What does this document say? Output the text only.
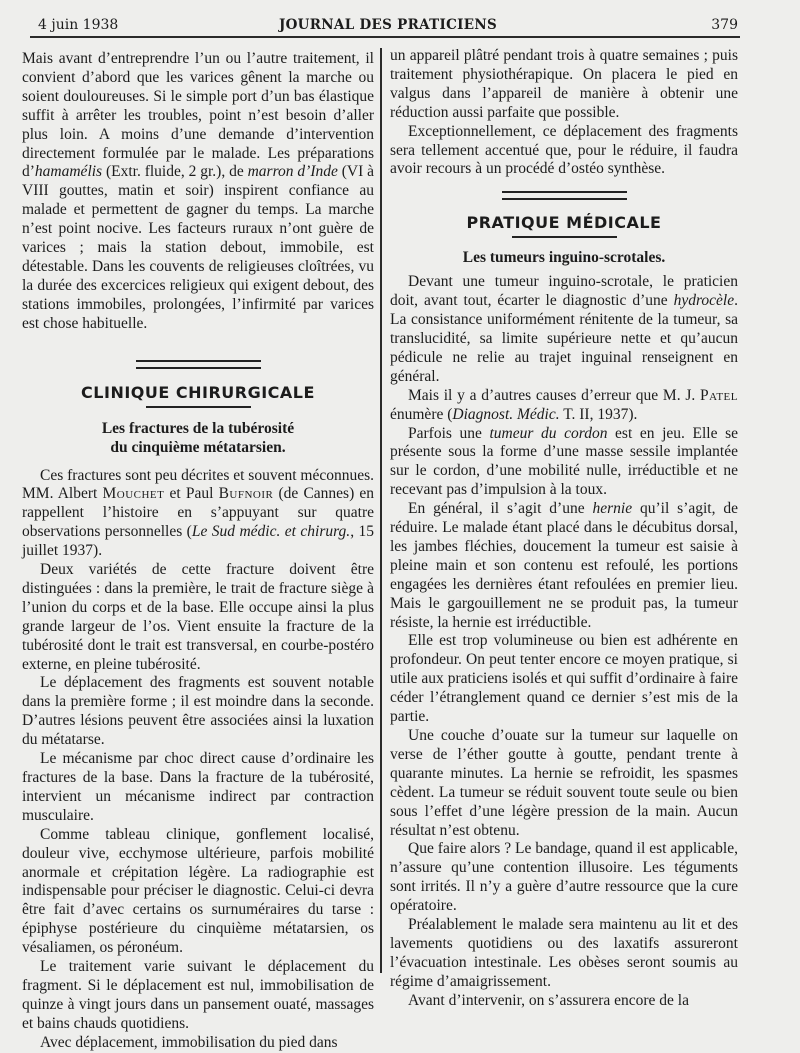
4 juin 1938	JOURNAL DES PRATICIENS	379

Mais avant d’entreprendre l’un ou l’autre traitement, il convient d’abord que les varices gênent la marche ou soient douloureuses. Si le simple port d’un bas élastique suffit à arrêter les troubles, point n’est besoin d’aller plus loin. A moins d’une demande d’intervention directement formulée par le malade. Les préparations d’hamamélis (Extr. fluide, 2 gr.), de marron d’Inde (VI à VIII gouttes, matin et soir) inspirent confiance au malade et permettent de gagner du temps. La marche n’est point nocive. Les facteurs ruraux n’ont guère de varices ; mais la station debout, immobile, est détestable. Dans les couvents de religieuses cloîtrées, vu la durée des excercices religieux qui exigent debout, des stations immobiles, prolongées, l’infirmité par varices est chose habituelle.

CLINIQUE CHIRURGICALE
Les fractures de la tubérosité
du cinquième métatarsien.

Ces fractures sont peu décrites et souvent méconnues. MM. Albert Mouchet et Paul Bufnoir (de Cannes) en rappellent l’histoire en s’appuyant sur quatre observations personnelles (Le Sud médic. et chirurg., 15 juillet 1937).

Deux variétés de cette fracture doivent être distinguées : dans la première, le trait de fracture siège à l’union du corps et de la base. Elle occupe ainsi la plus grande largeur de l’os. Vient ensuite la fracture de la tubérosité dont le trait est transversal, en courbe-postéro externe, en pleine tubérosité.

Le déplacement des fragments est souvent notable dans la première forme ; il est moindre dans la seconde. D’autres lésions peuvent être associées ainsi la luxation du métatarse.

Le mécanisme par choc direct cause d’ordinaire les fractures de la base. Dans la fracture de la tubérosité, intervient un mécanisme indirect par contraction musculaire.

Comme tableau clinique, gonflement localisé, douleur vive, ecchymose ultérieure, parfois mobilité anormale et crépitation légère. La radiographie est indispensable pour préciser le diagnostic. Celui-ci devra être fait d’avec certains os surnuméraires du tarse : épiphyse postérieure du cinquième métatarsien, os vésaliamen, os péronéum.

Le traitement varie suivant le déplacement du fragment. Si le déplacement est nul, immobilisation de quinze à vingt jours dans un pansement ouaté, massages et bains chauds quotidiens.

Avec déplacement, immobilisation du pied dans

un appareil plâtré pendant trois à quatre semaines ; puis traitement physiothérapique. On placera le pied en valgus dans l’appareil de manière à obtenir une réduction aussi parfaite que possible.

Exceptionnellement, ce déplacement des fragments sera tellement accentué que, pour le réduire, il faudra avoir recours à un procédé d’ostéo synthèse.

PRATIQUE MÉDICALE
Les tumeurs inguino-scrotales.

Devant une tumeur inguino-scrotale, le praticien doit, avant tout, écarter le diagnostic d’une hydrocèle. La consistance uniformément rénitente de la tumeur, sa translucidité, sa limite supérieure nette et qu’aucun pédicule ne relie au trajet inguinal renseignent en général.

Mais il y a d’autres causes d’erreur que M. J. Patel énumère (Diagnost. Médic. T. II, 1937).

Parfois une tumeur du cordon est en jeu. Elle se présente sous la forme d’une masse sessile implantée sur le cordon, d’une mobilité nulle, irréductible et ne recevant pas d’impulsion à la toux.

En général, il s’agit d’une hernie qu’il s’agit, de réduire. Le malade étant placé dans le décubitus dorsal, les jambes fléchies, doucement la tumeur est saisie à pleine main et son contenu est refoulé, les portions engagées les dernières étant refoulées en premier lieu. Mais le gargouillement ne se produit pas, la tumeur résiste, la hernie est irréductible.

Elle est trop volumineuse ou bien est adhérente en profondeur. On peut tenter encore ce moyen pratique, si utile aux praticiens isolés et qui suffit d’ordinaire à faire céder l’étranglement quand ce dernier s’est mis de la partie.

Une couche d’ouate sur la tumeur sur laquelle on verse de l’éther goutte à goutte, pendant trente à quarante minutes. La hernie se refroidit, les spasmes cèdent. La tumeur se réduit souvent toute seule ou bien sous l’effet d’une légère pression de la main. Aucun résultat n’est obtenu.

Que faire alors ? Le bandage, quand il est applicable, n’assure qu’une contention illusoire. Les téguments sont irrités. Il n’y a guère d’autre ressource que la cure opératoire.

Préalablement le malade sera maintenu au lit et des lavements quotidiens ou des laxatifs assureront l’évacuation intestinale. Les obèses seront soumis au régime d’amaigrissement.

Avant d’intervenir, on s’assurera encore de la
